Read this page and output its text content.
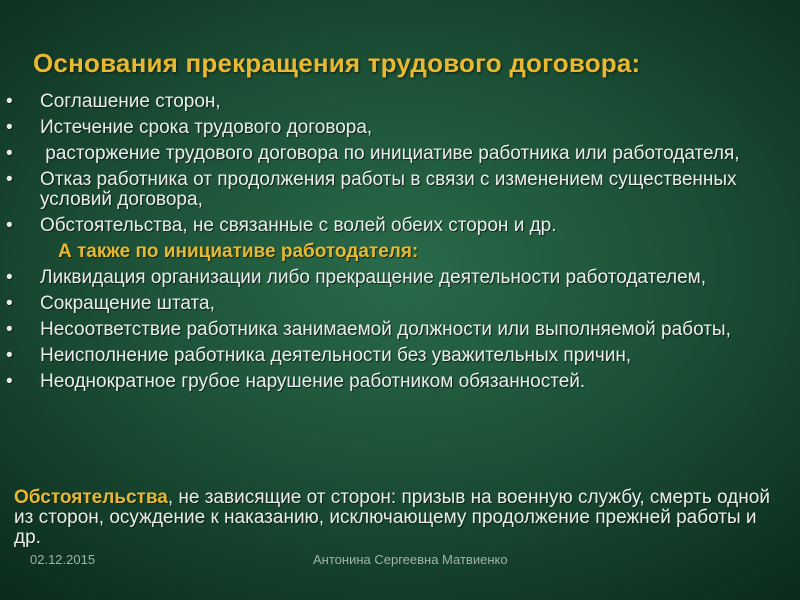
Основания прекращения трудового договора:
• Соглашение сторон,
• Истечение срока трудового договора,
• расторжение трудового договора по инициативе работника или работодателя,
• Отказ работника от продолжения работы в связи с изменением существенных условий договора,
• Обстоятельства, не связанные с волей обеих сторон и др.
А также по инициативе работодателя:
• Ликвидация организации либо прекращение деятельности работодателем,
• Сокращение штата,
• Несоответствие работника занимаемой должности или выполняемой работы,
• Неисполнение работника деятельности без уважительных причин,
• Неоднократное грубое нарушение работником обязанностей.

Обстоятельства, не зависящие от сторон: призыв на военную службу, смерть одной из сторон, осуждение к наказанию, исключающему продолжение прежней работы и др.

02.12.2015	Антонина Сергеевна Матвиенко
